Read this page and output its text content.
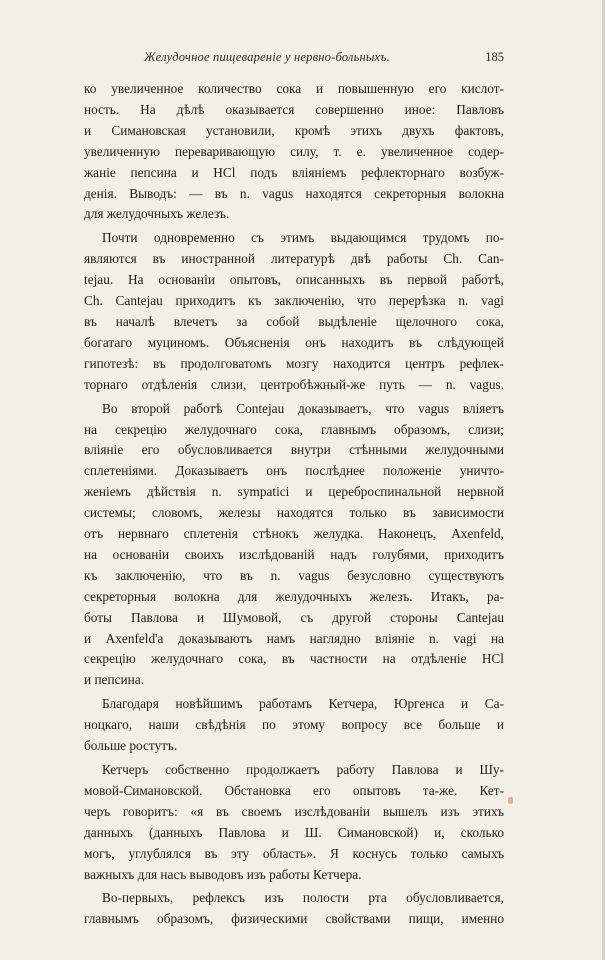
Желудочное пищевареніе у нервно-больныхъ.	185

ко увеличенное количество сока и повышенную его кислот-
ность. На дѣлѣ оказывается совершенно иное: Павловъ
и Симановская установили, кромѣ этихъ двухъ фактовъ,
увеличенную переваривающую силу, т. е. увеличенное содер-
жаніе пепсина и HCl подъ вліяніемъ рефлекторнаго возбуж-
денія. Выводъ: — въ n. vagus находятся секреторныя волокна
для желудочныхъ железъ.

Почти одновременно съ этимъ выдающимся трудомъ по-
являются въ иностранной литературѣ двѣ работы Ch. Can-
tejau. На основаніи опытовъ, описанныхъ въ первой работѣ,
Ch. Cantejau приходитъ къ заключенію, что перерѣзка n. vagi
въ началѣ влечетъ за собой выдѣленіе щелочного сока,
богатаго муциномъ. Объясненія онъ находитъ въ слѣдующей
гипотезѣ: въ продолговатомъ мозгу находится центръ рефлек-
торнаго отдѣленія слизи, центробѣжный-же путь — n. vagus.

Во второй работѣ Contejau доказываетъ, что vagus вліяетъ
на секрецію желудочнаго сока, главнымъ образомъ, слизи;
вліяніе его обусловливается внутри стѣнными желудочными
сплетеніями. Доказываетъ онъ послѣднее положеніе уничто-
женіемъ дѣйствія n. sympatici и цереброспинальной нервной
системы; словомъ, железы находятся только въ зависимости
отъ нервнаго сплетенія стѣнокъ желудка. Наконецъ, Axenfeld,
на основаніи своихъ изслѣдованій надъ голубями, приходитъ
къ заключенію, что въ n. vagus безусловно существуютъ
секреторныя волокна для желудочныхъ железъ. Итакъ, ра-
боты Павлова и Шумовой, съ другой стороны Cantejau
и Axenfeld'a доказываютъ намъ наглядно вліяніе n. vagi на
секрецію желудочнаго сока, въ частности на отдѣленіе HCl
и пепсина.

Благодаря новѣйшимъ работамъ Кетчера, Юргенса и Са-
ноцкаго, наши свѣдѣнія по этому вопросу все больше и
больше ростутъ.

Кетчеръ собственно продолжаетъ работу Павлова и Шу-
мовой-Симановской. Обстановка его опытовъ та-же. Кет-
черъ говоритъ: «я въ своемъ изслѣдованіи вышелъ изъ этихъ
данныхъ (данныхъ Павлова и Ш. Симановской) и, сколько
могъ, углублялся въ эту область». Я коснусь только самыхъ
важныхъ для насъ выводовъ изъ работы Кетчера.

Во-первыхъ, рефлексъ изъ полости рта обусловливается,
главнымъ образомъ, физическими свойствами пищи, именно
